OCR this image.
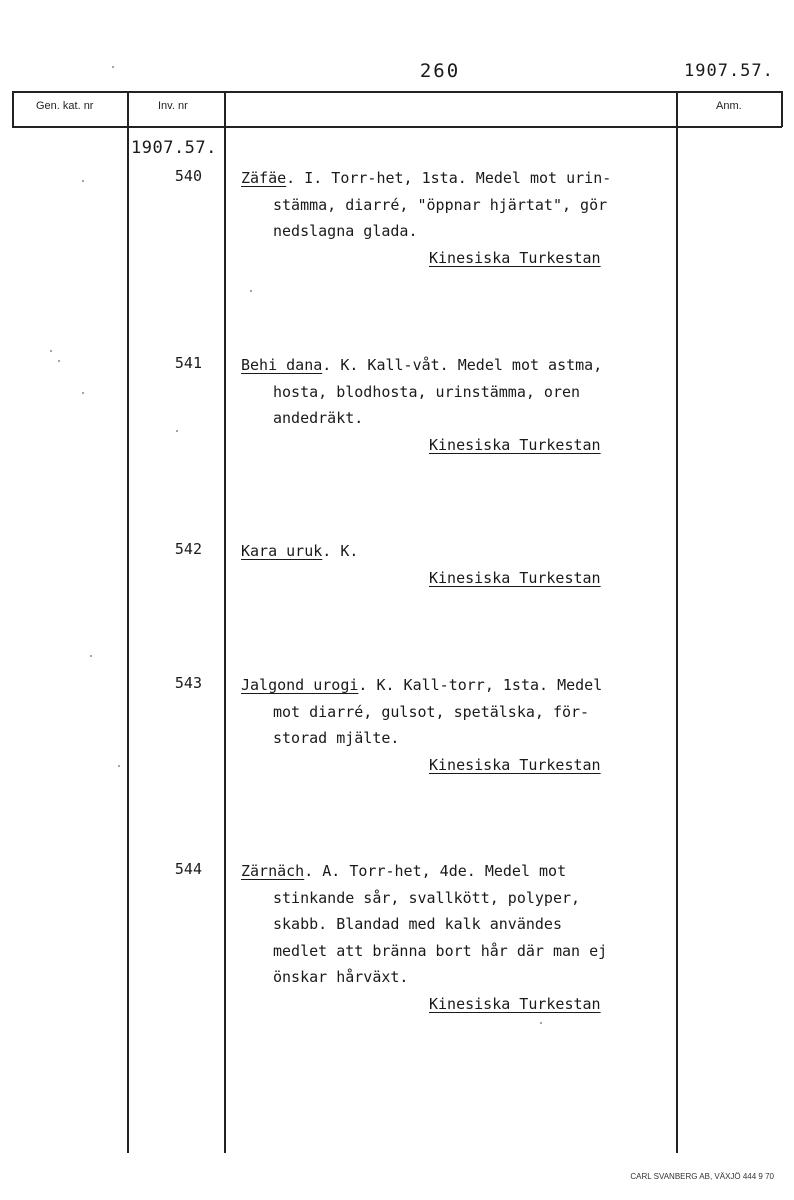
260	1907.57.
Gen. kat. nr	Inv. nr	Anm.
1907.57.
540	Zäfäe. I. Torr-het, 1sta. Medel mot urin-
stämma, diarré, "öppnar hjärtat", gör
nedslagna glada.
Kinesiska Turkestan
541	Behi dana. K. Kall-våt. Medel mot astma,
hosta, blodhosta, urinstämma, oren
andedräkt.
Kinesiska Turkestan
542	Kara uruk. K.
Kinesiska Turkestan
543	Jalgond urogi. K. Kall-torr, 1sta. Medel
mot diarré, gulsot, spetälska, för-
storad mjälte.
Kinesiska Turkestan
544	Zärnäch. A. Torr-het, 4de. Medel mot
stinkande sår, svallkött, polyper,
skabb. Blandad med kalk användes
medlet att bränna bort hår där man ej
önskar hårväxt.
Kinesiska Turkestan
CARL SVANBERG AB, VÄXJÖ 444 9 70
